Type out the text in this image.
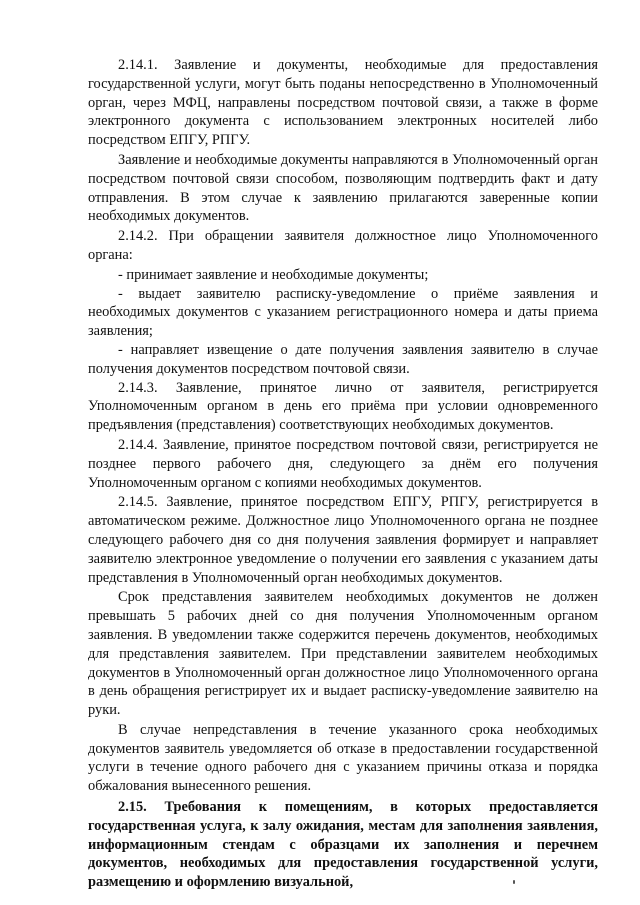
2.14.1. Заявление и документы, необходимые для предоставления государственной услуги, могут быть поданы непосредственно в Уполномоченный орган, через МФЦ, направлены посредством почтовой связи, а также в форме электронного документа с использованием электронных носителей либо посредством ЕПГУ, РПГУ.

Заявление и необходимые документы направляются в Уполномоченный орган посредством почтовой связи способом, позволяющим подтвердить факт и дату отправления. В этом случае к заявлению прилагаются заверенные копии необходимых документов.

2.14.2. При обращении заявителя должностное лицо Уполномоченного органа:

- принимает заявление и необходимые документы;

- выдает заявителю расписку-уведомление о приёме заявления и необходимых документов с указанием регистрационного номера и даты приема заявления;

- направляет извещение о дате получения заявления заявителю в случае получения документов посредством почтовой связи.

2.14.3. Заявление, принятое лично от заявителя, регистрируется Уполномоченным органом в день его приёма при условии одновременного предъявления (представления) соответствующих необходимых документов.

2.14.4. Заявление, принятое посредством почтовой связи, регистрируется не позднее первого рабочего дня, следующего за днём его получения Уполномоченным органом с копиями необходимых документов.

2.14.5. Заявление, принятое посредством ЕПГУ, РПГУ, регистрируется в автоматическом режиме. Должностное лицо Уполномоченного органа не позднее следующего рабочего дня со дня получения заявления формирует и направляет заявителю электронное уведомление о получении его заявления с указанием даты представления в Уполномоченный орган необходимых документов.

Срок представления заявителем необходимых документов не должен превышать 5 рабочих дней со дня получения Уполномоченным органом заявления. В уведомлении также содержится перечень документов, необходимых для представления заявителем. При представлении заявителем необходимых документов в Уполномоченный орган должностное лицо Уполномоченного органа в день обращения регистрирует их и выдает расписку-уведомление заявителю на руки.

В случае непредставления в течение указанного срока необходимых документов заявитель уведомляется об отказе в предоставлении государственной услуги в течение одного рабочего дня с указанием причины отказа и порядка обжалования вынесенного решения.

2.15. Требования к помещениям, в которых предоставляется государственная услуга, к залу ожидания, местам для заполнения заявления, информационным стендам с образцами их заполнения и перечнем документов, необходимых для предоставления государственной услуги, размещению и оформлению визуальной,
